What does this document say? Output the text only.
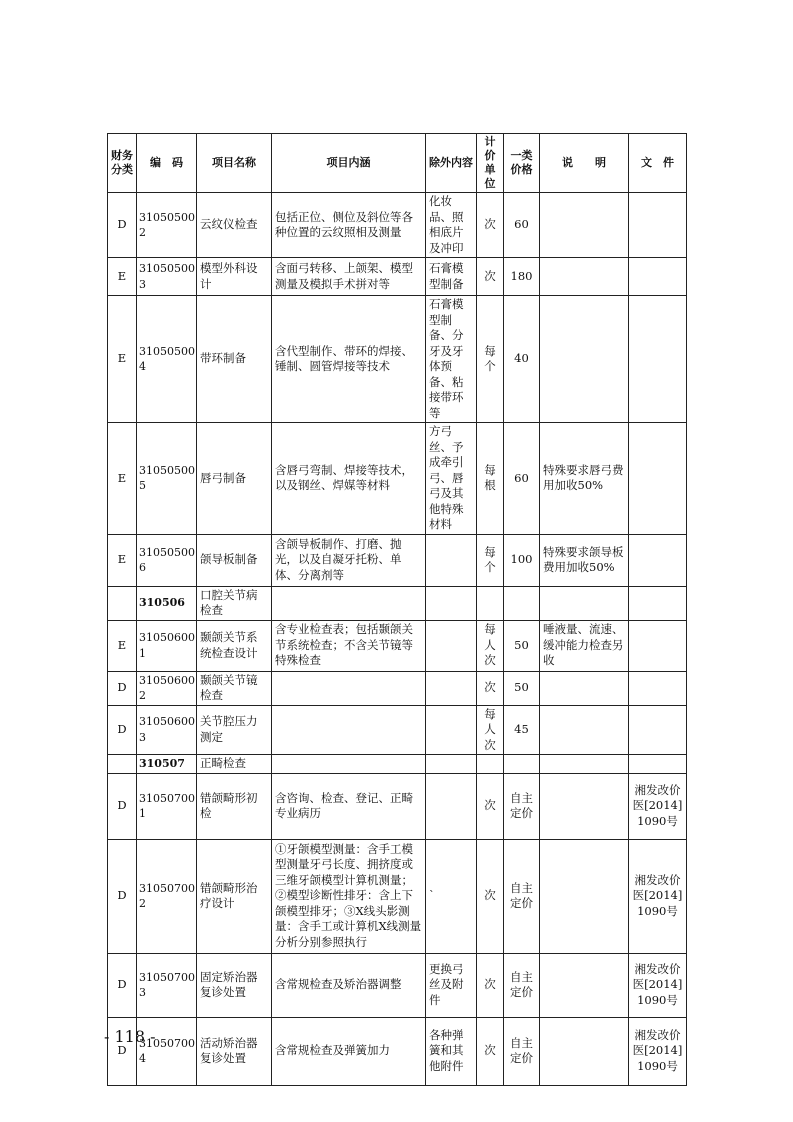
财务分类	编　码	项目名称	项目内涵	除外内容	计价单位	一类价格	说　　明	文　件
D	310505002	云纹仪检查	包括正位、侧位及斜位等各种位置的云纹照相及测量	化妆品、照相底片及冲印	次	60		
E	310505003	模型外科设计	含面弓转移、上颌架、模型测量及模拟手术拼对等	石膏模型制备	次	180		
E	310505004	带环制备	含代型制作、带环的焊接、锤制、圆管焊接等技术	石膏模型制备、分牙及牙体预备、粘接带环等	每个	40		
E	310505005	唇弓制备	含唇弓弯制、焊接等技术，以及钢丝、焊媒等材料	方弓丝、予成牵引弓、唇弓及其他特殊材料	每根	60	特殊要求唇弓费用加收50%	
E	310505006	颌导板制备	含颌导板制作、打磨、抛光，以及自凝牙托粉、单体、分离剂等		每个	100	特殊要求颌导板费用加收50%	
	310506	口腔关节病检查						
E	310506001	颞颌关节系统检查设计	含专业检查表；包括颞颌关节系统检查；不含关节镜等特殊检查		每人次	50	唾液量、流速、缓冲能力检查另收	
D	310506002	颞颌关节镜检查			次	50		
D	310506003	关节腔压力测定			每人次	45		
	310507	正畸检查						
D	310507001	错颌畸形初检	含咨询、检查、登记、正畸专业病历		次	自主定价		湘发改价医[2014]1090号
D	310507002	错颌畸形治疗设计	①牙颌模型测量：含手工模型测量牙弓长度、拥挤度或三维牙颌模型计算机测量；②模型诊断性排牙：含上下颌模型排牙；③X线头影测量：含手工或计算机X线测量分析分别参照执行	`	次	自主定价		湘发改价医[2014]1090号
D	310507003	固定矫治器复诊处置	含常规检查及矫治器调整	更换弓丝及附件	次	自主定价		湘发改价医[2014]1090号
D	310507004	活动矫治器复诊处置	含常规检查及弹簧加力	各种弹簧和其他附件	次	自主定价		湘发改价医[2014]1090号
- 118 -
